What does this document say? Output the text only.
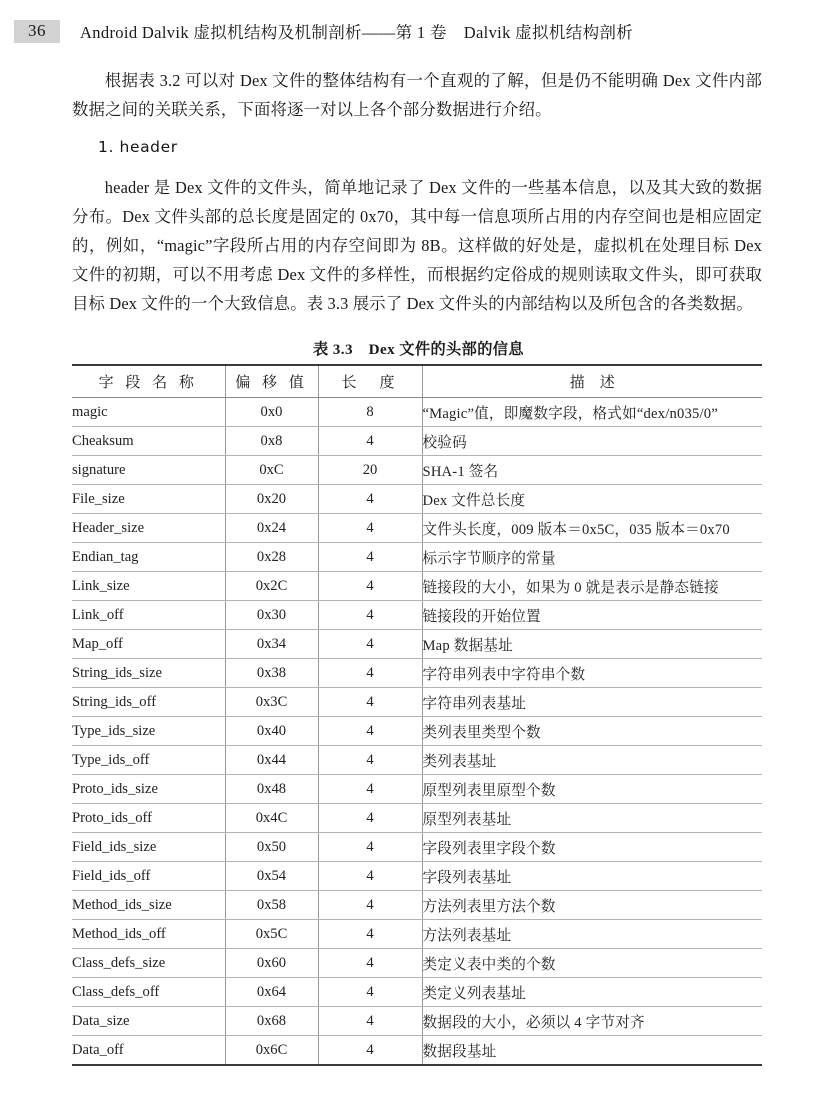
36	Android Dalvik 虚拟机结构及机制剖析——第 1 卷　Dalvik 虚拟机结构剖析
根据表 3.2 可以对 Dex 文件的整体结构有一个直观的了解，但是仍不能明确 Dex 文件内部数据之间的关联关系，下面将逐一对以上各个部分数据进行介绍。
1. header
header 是 Dex 文件的文件头，简单地记录了 Dex 文件的一些基本信息，以及其大致的数据分布。Dex 文件头部的总长度是固定的 0x70，其中每一信息项所占用的内存空间也是相应固定的，例如，“magic”字段所占用的内存空间即为 8B。这样做的好处是，虚拟机在处理目标 Dex 文件的初期，可以不用考虑 Dex 文件的多样性，而根据约定俗成的规则读取文件头，即可获取目标 Dex 文件的一个大致信息。表 3.3 展示了 Dex 文件头的内部结构以及所包含的各类数据。
表 3.3　Dex 文件的头部的信息
字 段 名 称	偏 移 值	长　度	描　述
magic	0x0	8	“Magic”值，即魔数字段，格式如“dex/n035/0”
Cheaksum	0x8	4	校验码
signature	0xC	20	SHA-1 签名
File_size	0x20	4	Dex 文件总长度
Header_size	0x24	4	文件头长度，009 版本＝0x5C，035 版本＝0x70
Endian_tag	0x28	4	标示字节顺序的常量
Link_size	0x2C	4	链接段的大小，如果为 0 就是表示是静态链接
Link_off	0x30	4	链接段的开始位置
Map_off	0x34	4	Map 数据基址
String_ids_size	0x38	4	字符串列表中字符串个数
String_ids_off	0x3C	4	字符串列表基址
Type_ids_size	0x40	4	类列表里类型个数
Type_ids_off	0x44	4	类列表基址
Proto_ids_size	0x48	4	原型列表里原型个数
Proto_ids_off	0x4C	4	原型列表基址
Field_ids_size	0x50	4	字段列表里字段个数
Field_ids_off	0x54	4	字段列表基址
Method_ids_size	0x58	4	方法列表里方法个数
Method_ids_off	0x5C	4	方法列表基址
Class_defs_size	0x60	4	类定义表中类的个数
Class_defs_off	0x64	4	类定义列表基址
Data_size	0x68	4	数据段的大小，必须以 4 字节对齐
Data_off	0x6C	4	数据段基址
